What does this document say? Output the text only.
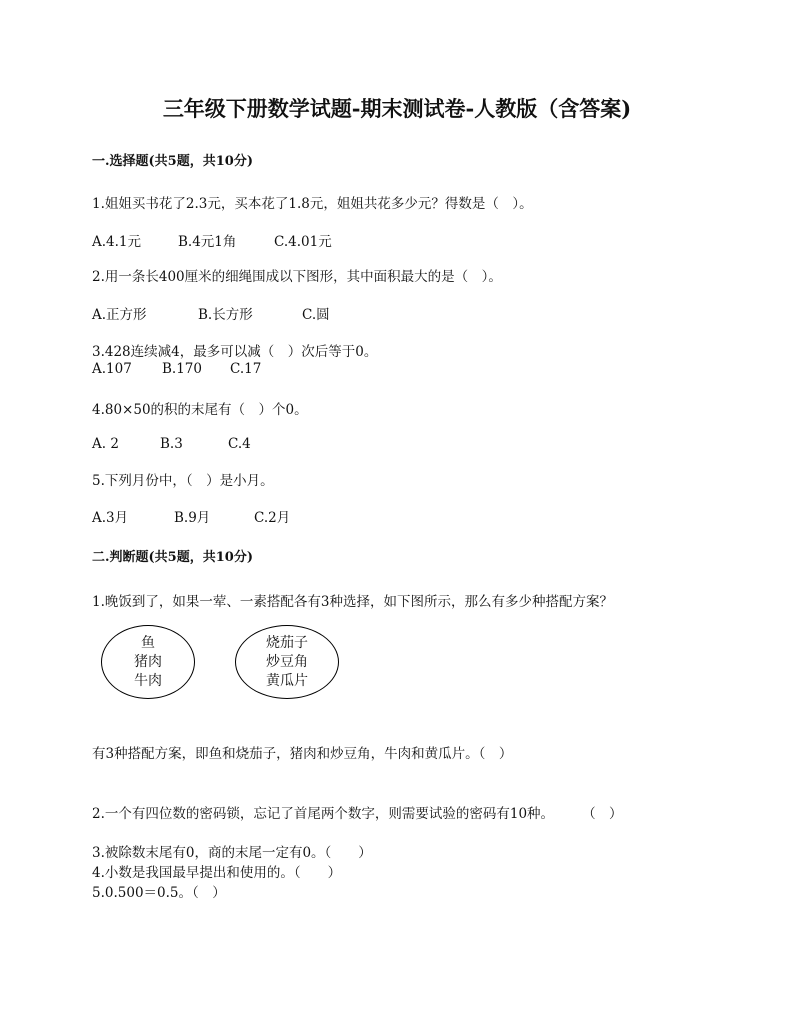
三年级下册数学试题-期末测试卷-人教版（含答案)
一.选择题(共5题，共10分)
1.姐姐买书花了2.3元，买本花了1.8元，姐姐共花多少元？得数是（　）。
A.4.1元	B.4元1角	C.4.01元
2.用一条长400厘米的细绳围成以下图形，其中面积最大的是（　）。
A.正方形	B.长方形	C.圆
3.428连续减4，最多可以减（　）次后等于0。
A.107 B.170 C.17
4.80×50的积的末尾有（　）个0。
A. 2	B.3	C.4
5.下列月份中，（　）是小月。
A.3月	B.9月	C.2月
二.判断题(共5题，共10分)
1.晚饭到了，如果一荤、一素搭配各有3种选择，如下图所示，那么有多少种搭配方案？
鱼
猪肉
牛肉
烧茄子
炒豆角
黄瓜片
有3种搭配方案，即鱼和烧茄子，猪肉和炒豆角，牛肉和黄瓜片。（　）
2.一个有四位数的密码锁，忘记了首尾两个数字，则需要试验的密码有10种。 （　）
3.被除数末尾有0，商的末尾一定有0。（　　）
4.小数是我国最早提出和使用的。（　　）
5.0.500＝0.5。（　）
